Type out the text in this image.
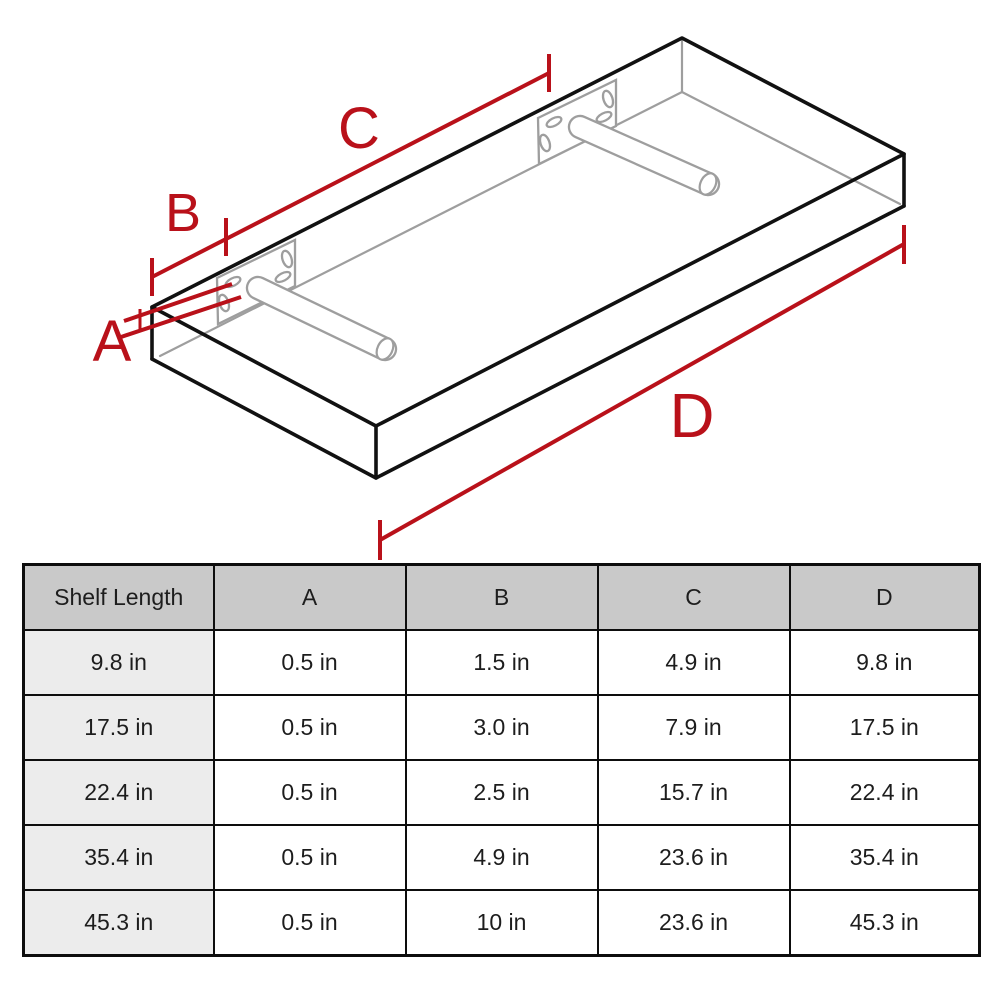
A
B
C
D
Shelf Length	A	B	C	D
9.8 in	0.5 in	1.5 in	4.9 in	9.8 in
17.5 in	0.5 in	3.0 in	7.9 in	17.5 in
22.4 in	0.5 in	2.5 in	15.7 in	22.4 in
35.4 in	0.5 in	4.9 in	23.6 in	35.4 in
45.3 in	0.5 in	10 in	23.6 in	45.3 in
